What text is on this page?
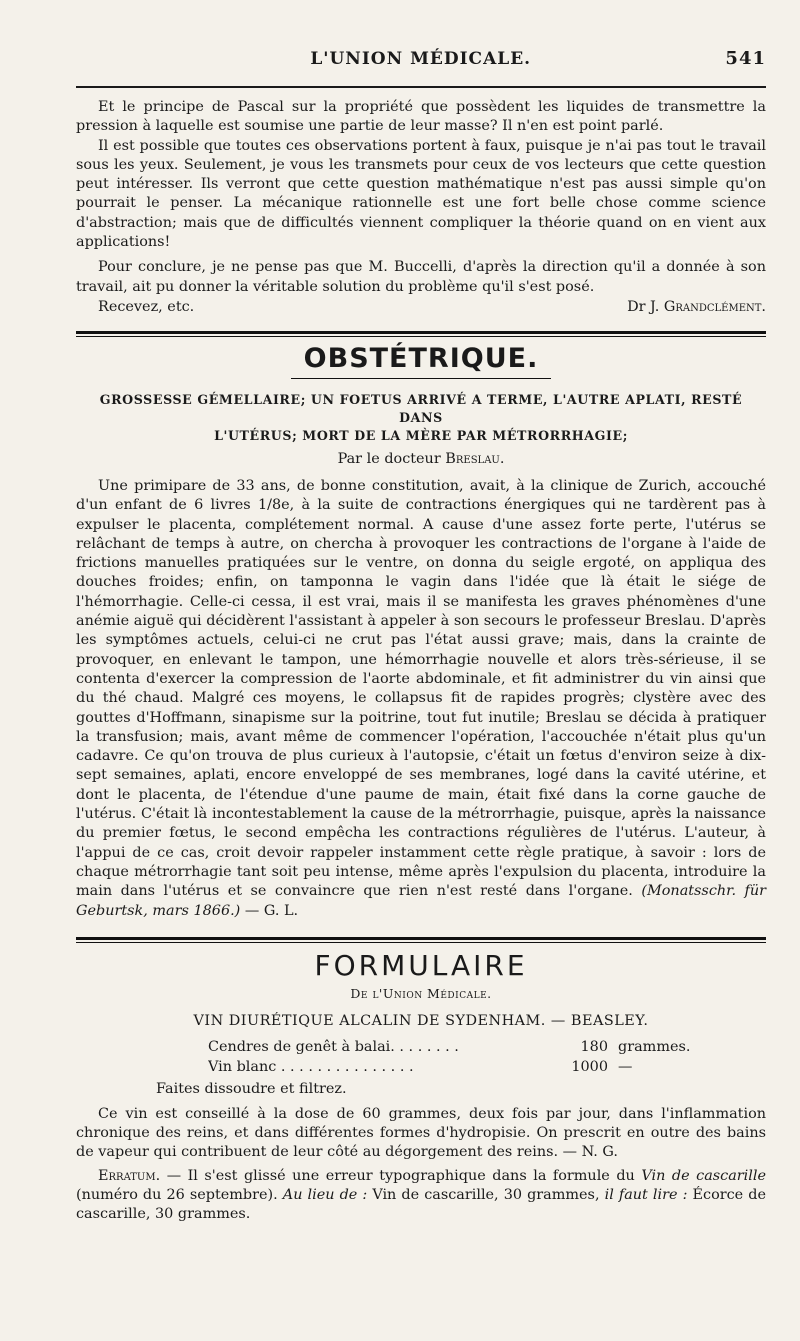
L'UNION MÉDICALE.	541

Et le principe de Pascal sur la propriété que possèdent les liquides de transmettre la pression à laquelle est soumise une partie de leur masse? Il n'en est point parlé.

Il est possible que toutes ces observations portent à faux, puisque je n'ai pas tout le travail sous les yeux. Seulement, je vous les transmets pour ceux de vos lecteurs que cette question peut intéresser. Ils verront que cette question mathématique n'est pas aussi simple qu'on pourrait le penser. La mécanique rationnelle est une fort belle chose comme science d'abstraction; mais que de difficultés viennent compliquer la théorie quand on en vient aux applications!

Pour conclure, je ne pense pas que M. Buccelli, d'après la direction qu'il a donnée à son travail, ait pu donner la véritable solution du problème qu'il s'est posé.

Recevez, etc.	Dr J. Grandclément.
OBSTÉTRIQUE.
GROSSESSE GÉMELLAIRE; UN FOETUS ARRIVÉ A TERME, L'AUTRE APLATI, RESTÉ DANS
L'UTÉRUS; MORT DE LA MÈRE PAR MÉTRORRHAGIE;
Par le docteur Breslau.

Une primipare de 33 ans, de bonne constitution, avait, à la clinique de Zurich, accouché d'un enfant de 6 livres 1/8e, à la suite de contractions énergiques qui ne tardèrent pas à expulser le placenta, complétement normal. A cause d'une assez forte perte, l'utérus se relâchant de temps à autre, on chercha à provoquer les contractions de l'organe à l'aide de frictions manuelles pratiquées sur le ventre, on donna du seigle ergoté, on appliqua des douches froides; enfin, on tamponna le vagin dans l'idée que là était le siége de l'hémorrhagie. Celle-ci cessa, il est vrai, mais il se manifesta les graves phénomènes d'une anémie aiguë qui décidèrent l'assistant à appeler à son secours le professeur Breslau. D'après les symptômes actuels, celui-ci ne crut pas l'état aussi grave; mais, dans la crainte de provoquer, en enlevant le tampon, une hémorrhagie nouvelle et alors très-sérieuse, il se contenta d'exercer la compression de l'aorte abdominale, et fit administrer du vin ainsi que du thé chaud. Malgré ces moyens, le collapsus fit de rapides progrès; clystère avec des gouttes d'Hoffmann, sinapisme sur la poitrine, tout fut inutile; Breslau se décida à pratiquer la transfusion; mais, avant même de commencer l'opération, l'accouchée n'était plus qu'un cadavre. Ce qu'on trouva de plus curieux à l'autopsie, c'était un fœtus d'environ seize à dix-sept semaines, aplati, encore enveloppé de ses membranes, logé dans la cavité utérine, et dont le placenta, de l'étendue d'une paume de main, était fixé dans la corne gauche de l'utérus. C'était là incontestablement la cause de la métrorrhagie, puisque, après la naissance du premier fœtus, le second empêcha les contractions régulières de l'utérus. L'auteur, à l'appui de ce cas, croit devoir rappeler instamment cette règle pratique, à savoir : lors de chaque métrorrhagie tant soit peu intense, même après l'expulsion du placenta, introduire la main dans l'utérus et se convaincre que rien n'est resté dans l'organe. (Monatsschr. für Geburtsk, mars 1866.) — G. L.

FORMULAIRE
De l'Union Médicale.
VIN DIURÉTIQUE ALCALIN DE SYDENHAM. — BEASLEY.
Cendres de genêt à balai. . . . . . . .	180 grammes.
Vin blanc . . . . . . . . . . . . . . .	1000 —
Faites dissoudre et filtrez.

Ce vin est conseillé à la dose de 60 grammes, deux fois par jour, dans l'inflammation chronique des reins, et dans différentes formes d'hydropisie. On prescrit en outre des bains de vapeur qui contribuent de leur côté au dégorgement des reins. — N. G.

Erratum. — Il s'est glissé une erreur typographique dans la formule du Vin de cascarille (numéro du 26 septembre). Au lieu de : Vin de cascarille, 30 grammes, il faut lire : Écorce de cascarille, 30 grammes.
